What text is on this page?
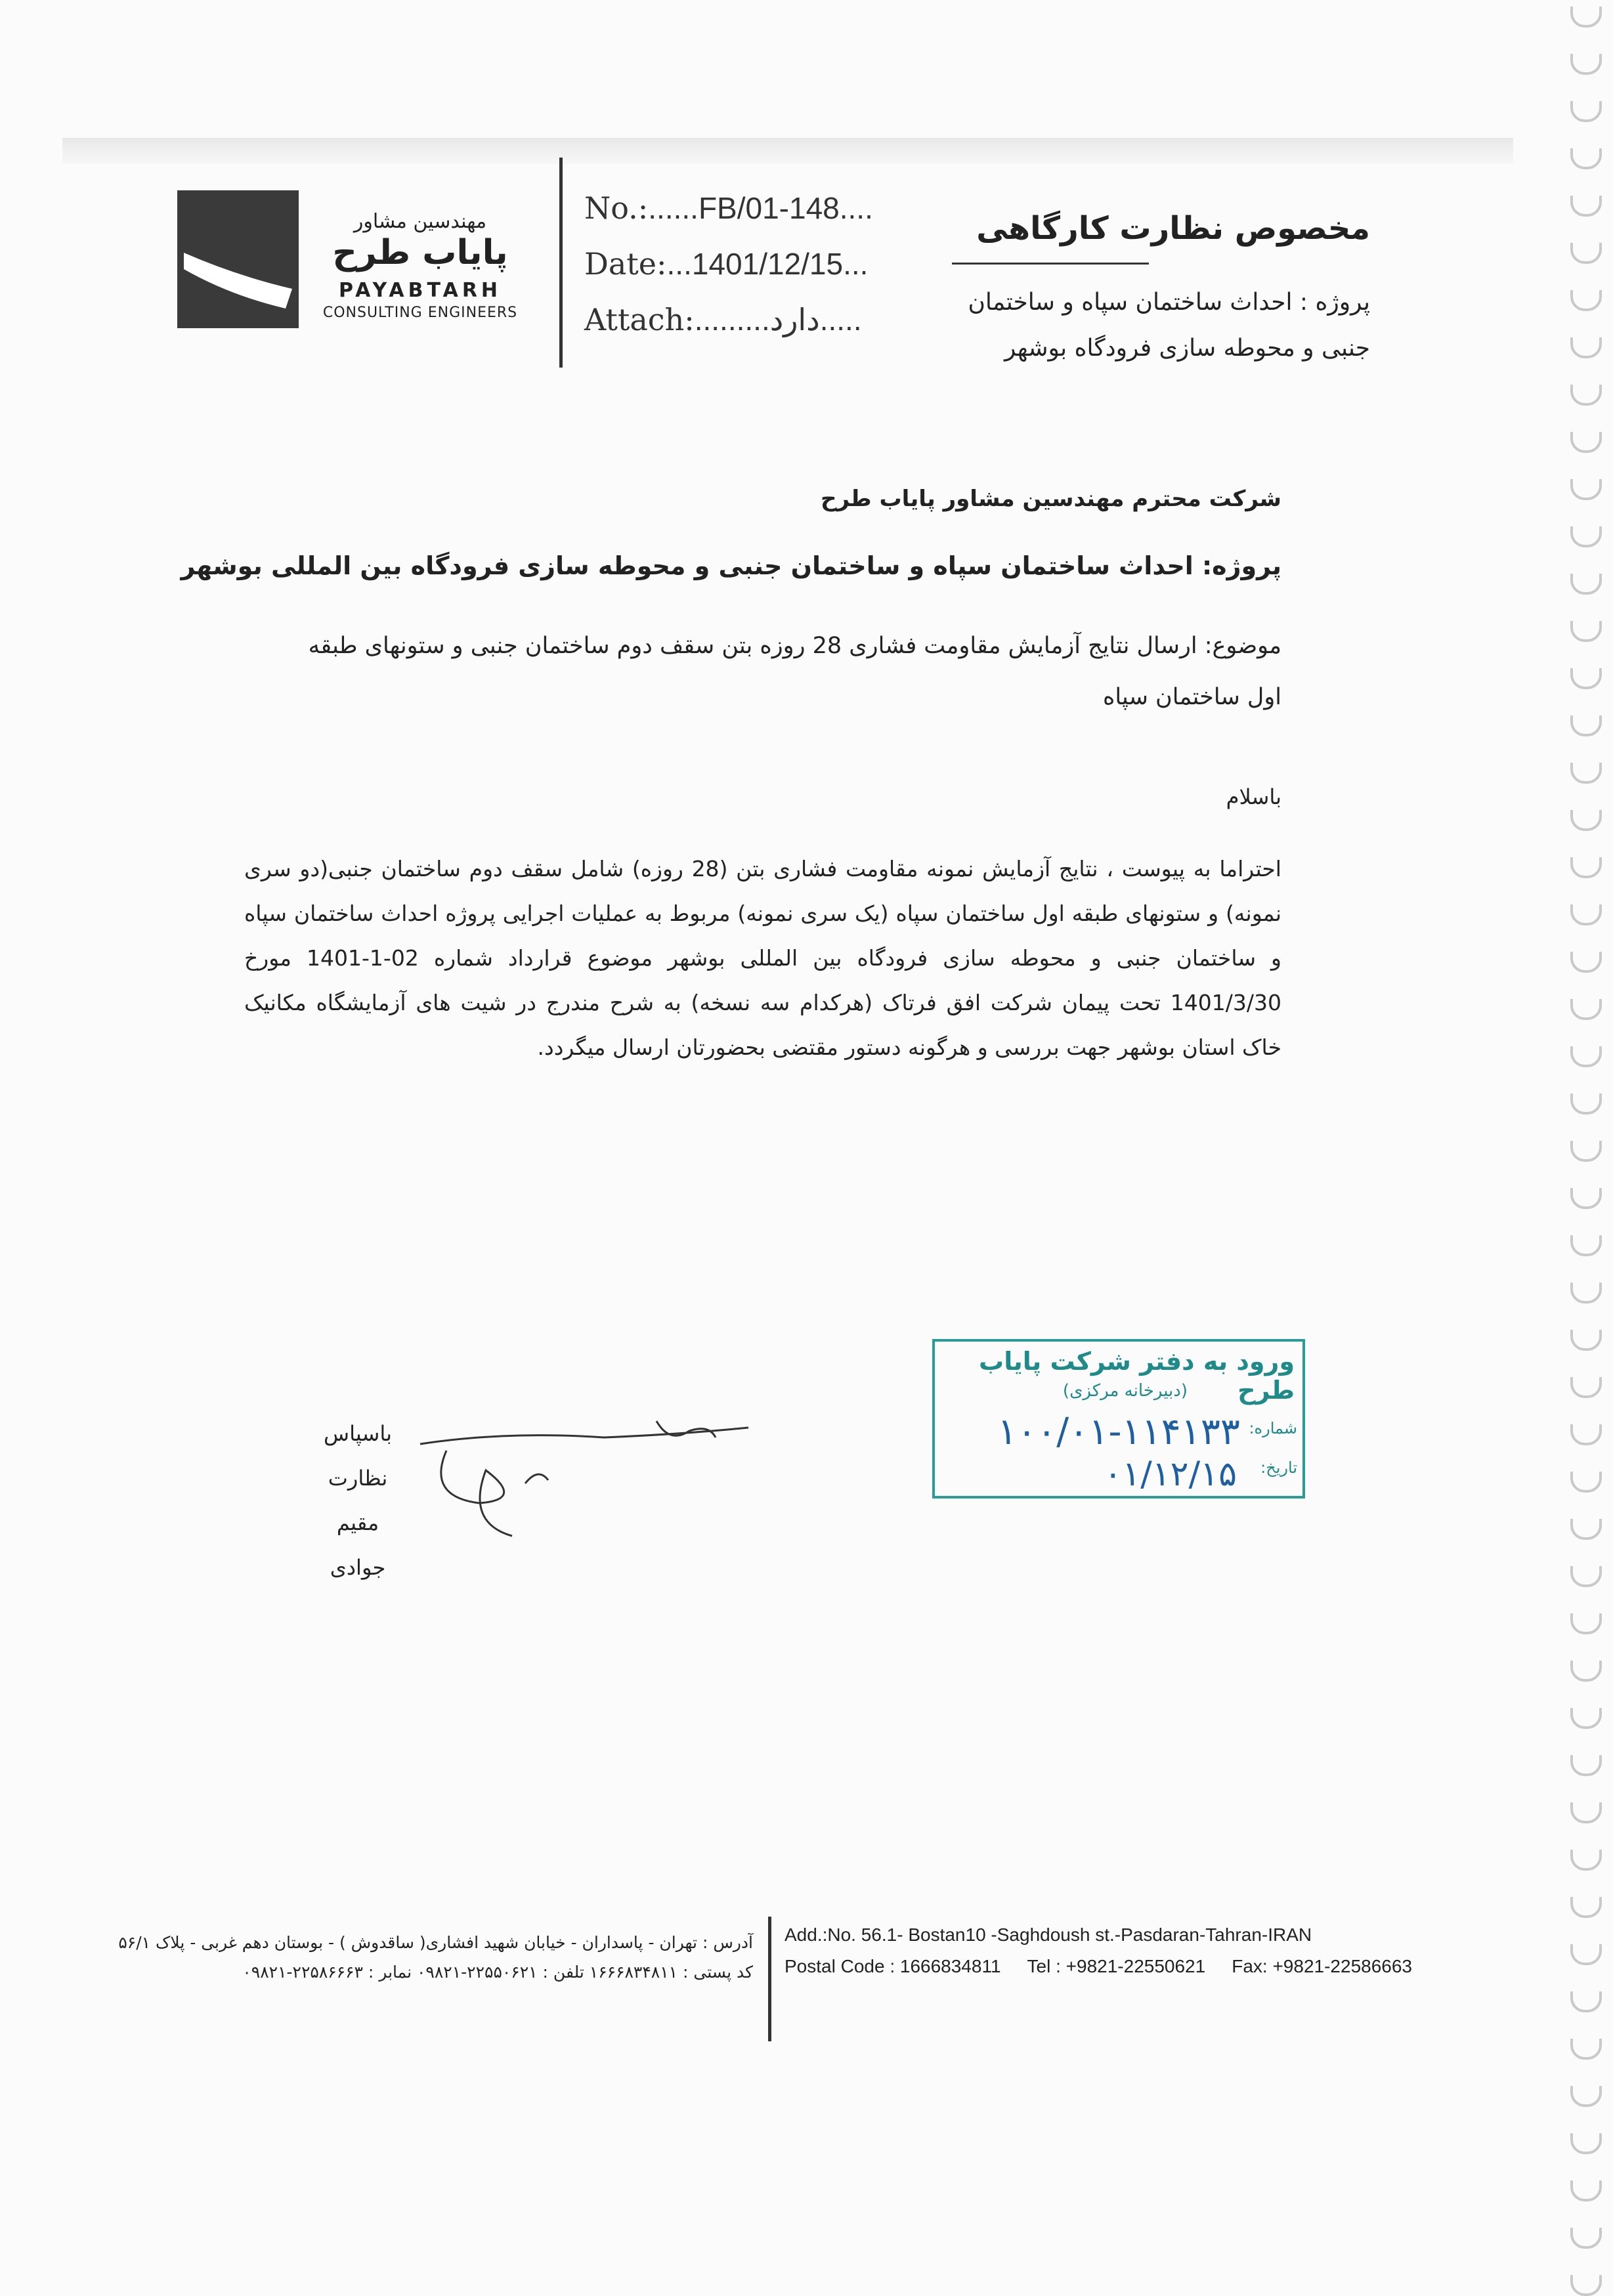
مهندسین مشاور
پایاب طرح
PAYABTARH
CONSULTING ENGINEERS
No.:......FB/01-148....
Date:...1401/12/15...
Attach:.........دارد.....
مخصوص نظارت کارگاهی
پروژه : احداث ساختمان سپاه و ساختمان
جنبی و محوطه سازی فرودگاه بوشهر
شرکت محترم مهندسین مشاور پایاب طرح
پروژه: احداث ساختمان سپاه و ساختمان جنبی و محوطه سازی فرودگاه بین المللی بوشهر
موضوع: ارسال نتایج آزمایش مقاومت فشاری 28 روزه بتن سقف دوم ساختمان جنبی و ستونهای طبقه اول ساختمان سپاه
باسلام
احتراما به پیوست ، نتایج آزمایش نمونه مقاومت فشاری بتن (28 روزه) شامل سقف دوم ساختمان جنبی(دو سری نمونه) و ستونهای طبقه اول ساختمان سپاه (یک سری نمونه) مربوط به عملیات اجرایی پروژه احداث ساختمان سپاه و ساختمان جنبی و محوطه سازی فرودگاه بین المللی بوشهر موضوع قرارداد شماره 02-1-1401 مورخ 1401/3/30 تحت پیمان شرکت افق فرتاک (هرکدام سه نسخه) به شرح مندرج در شیت های آزمایشگاه مکانیک خاک استان بوشهر جهت بررسی و هرگونه دستور مقتضی بحضورتان ارسال میگردد.
ورود به دفتر شرکت پایاب طرح
(دبیرخانه مرکزی)
شماره:
۱۰۰/۰۱-۱۱۴۱۳۳
تاریخ:
۰۱/۱۲/۱۵
باسپاس
نظارت مقیم
جوادی
آدرس : تهران - پاسداران - خیابان شهید افشاری( ساقدوش ) - بوستان دهم غربی - پلاک ۵۶/۱
کد پستی : ۱۶۶۶۸۳۴۸۱۱ تلفن : ۲۲۵۵۰۶۲۱-۰۹۸۲۱ نمابر : ۲۲۵۸۶۶۶۳-۰۹۸۲۱
Add.:No. 56.1- Bostan10 -Saghdoush st.-Pasdaran-Tahran-IRAN
Postal Code : 1666834811 Tel : +9821-22550621 Fax: +9821-22586663
